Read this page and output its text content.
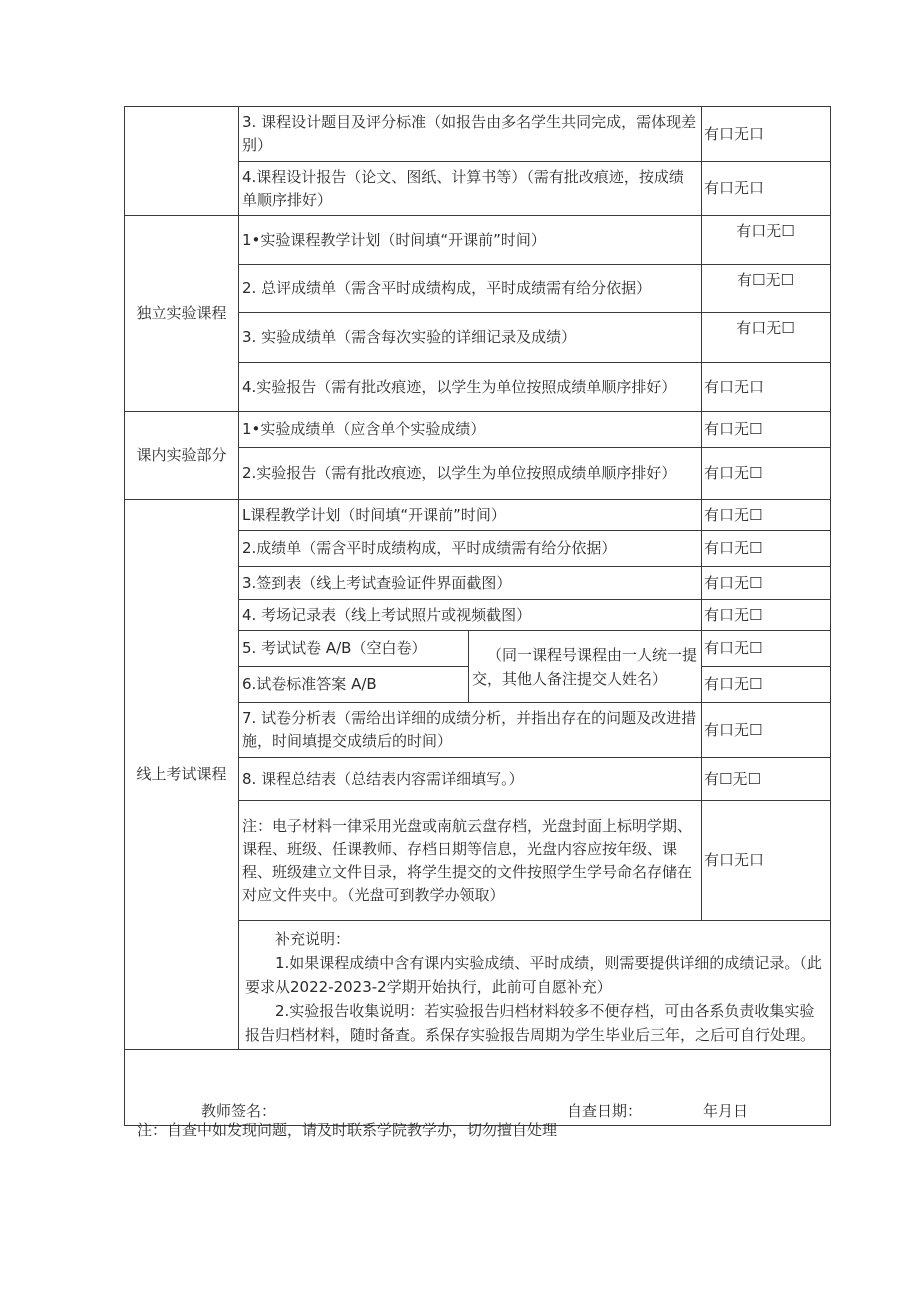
	3. 课程设计题目及评分标准（如报告由多名学生共同完成，需体现差别）		有口无口
	4.课程设计报告（论文、图纸、计算书等）（需有批改痕迹，按成绩单顺序排好）		有口无口
独立实验课程	1•实验课程教学计划（时间填“开课前”时间）		有口无☐
	2. 总评成绩单（需含平时成绩构成，平时成绩需有给分依据）		有☐无☐
	3. 实验成绩单（需含每次实验的详细记录及成绩）		有口无☐
	4.实验报告（需有批改痕迹，以学生为单位按照成绩单顺序排好）		有口无口
课内实验部分	1•实验成绩单（应含单个实验成绩）		有口无☐
	2.实验报告（需有批改痕迹，以学生为单位按照成绩单顺序排好）		有口无☐
线上考试课程	L课程教学计划（时间填“开课前”时间）		有口无☐
	2.成绩单（需含平时成绩构成，平时成绩需有给分依据）		有口无☐
	3.签到表（线上考试查验证件界面截图）		有口无☐
	4. 考场记录表（线上考试照片或视频截图）		有口无☐
	5. 考试试卷 A/B（空白卷）	（同一课程号课程由一人统一提交，其他人备注提交人姓名）	有口无☐
	6.试卷标准答案 A/B		有口无☐
	7. 试卷分析表（需给出详细的成绩分析，并指出存在的问题及改进措施，时间填提交成绩后的时间）		有口无☐
	8. 课程总结表（总结表内容需详细填写。）		有☐无☐
	注：电子材料一律采用光盘或南航云盘存档，光盘封面上标明学期、课程、班级、任课教师、存档日期等信息，光盘内容应按年级、课程、班级建立文件目录，将学生提交的文件按照学生学号命名存储在对应文件夹中。（光盘可到教学办领取）		有口无口

	补充说明：

1.如果课程成绩中含有课内实验成绩、平时成绩，则需要提供详细的成绩记录。（此要求从2022-2023-2学期开始执行，此前可自愿补充）

2.实验报告收集说明：若实验报告归档材料较多不便存档，可由各系负责收集实验报告归档材料，随时备查。系保存实验报告周期为学生毕业后三年，之后可自行处理。		

教师签名： 自查日期： 年月日			

注：自查中如发现问题，请及时联系学院教学办，切勿擅自处理
